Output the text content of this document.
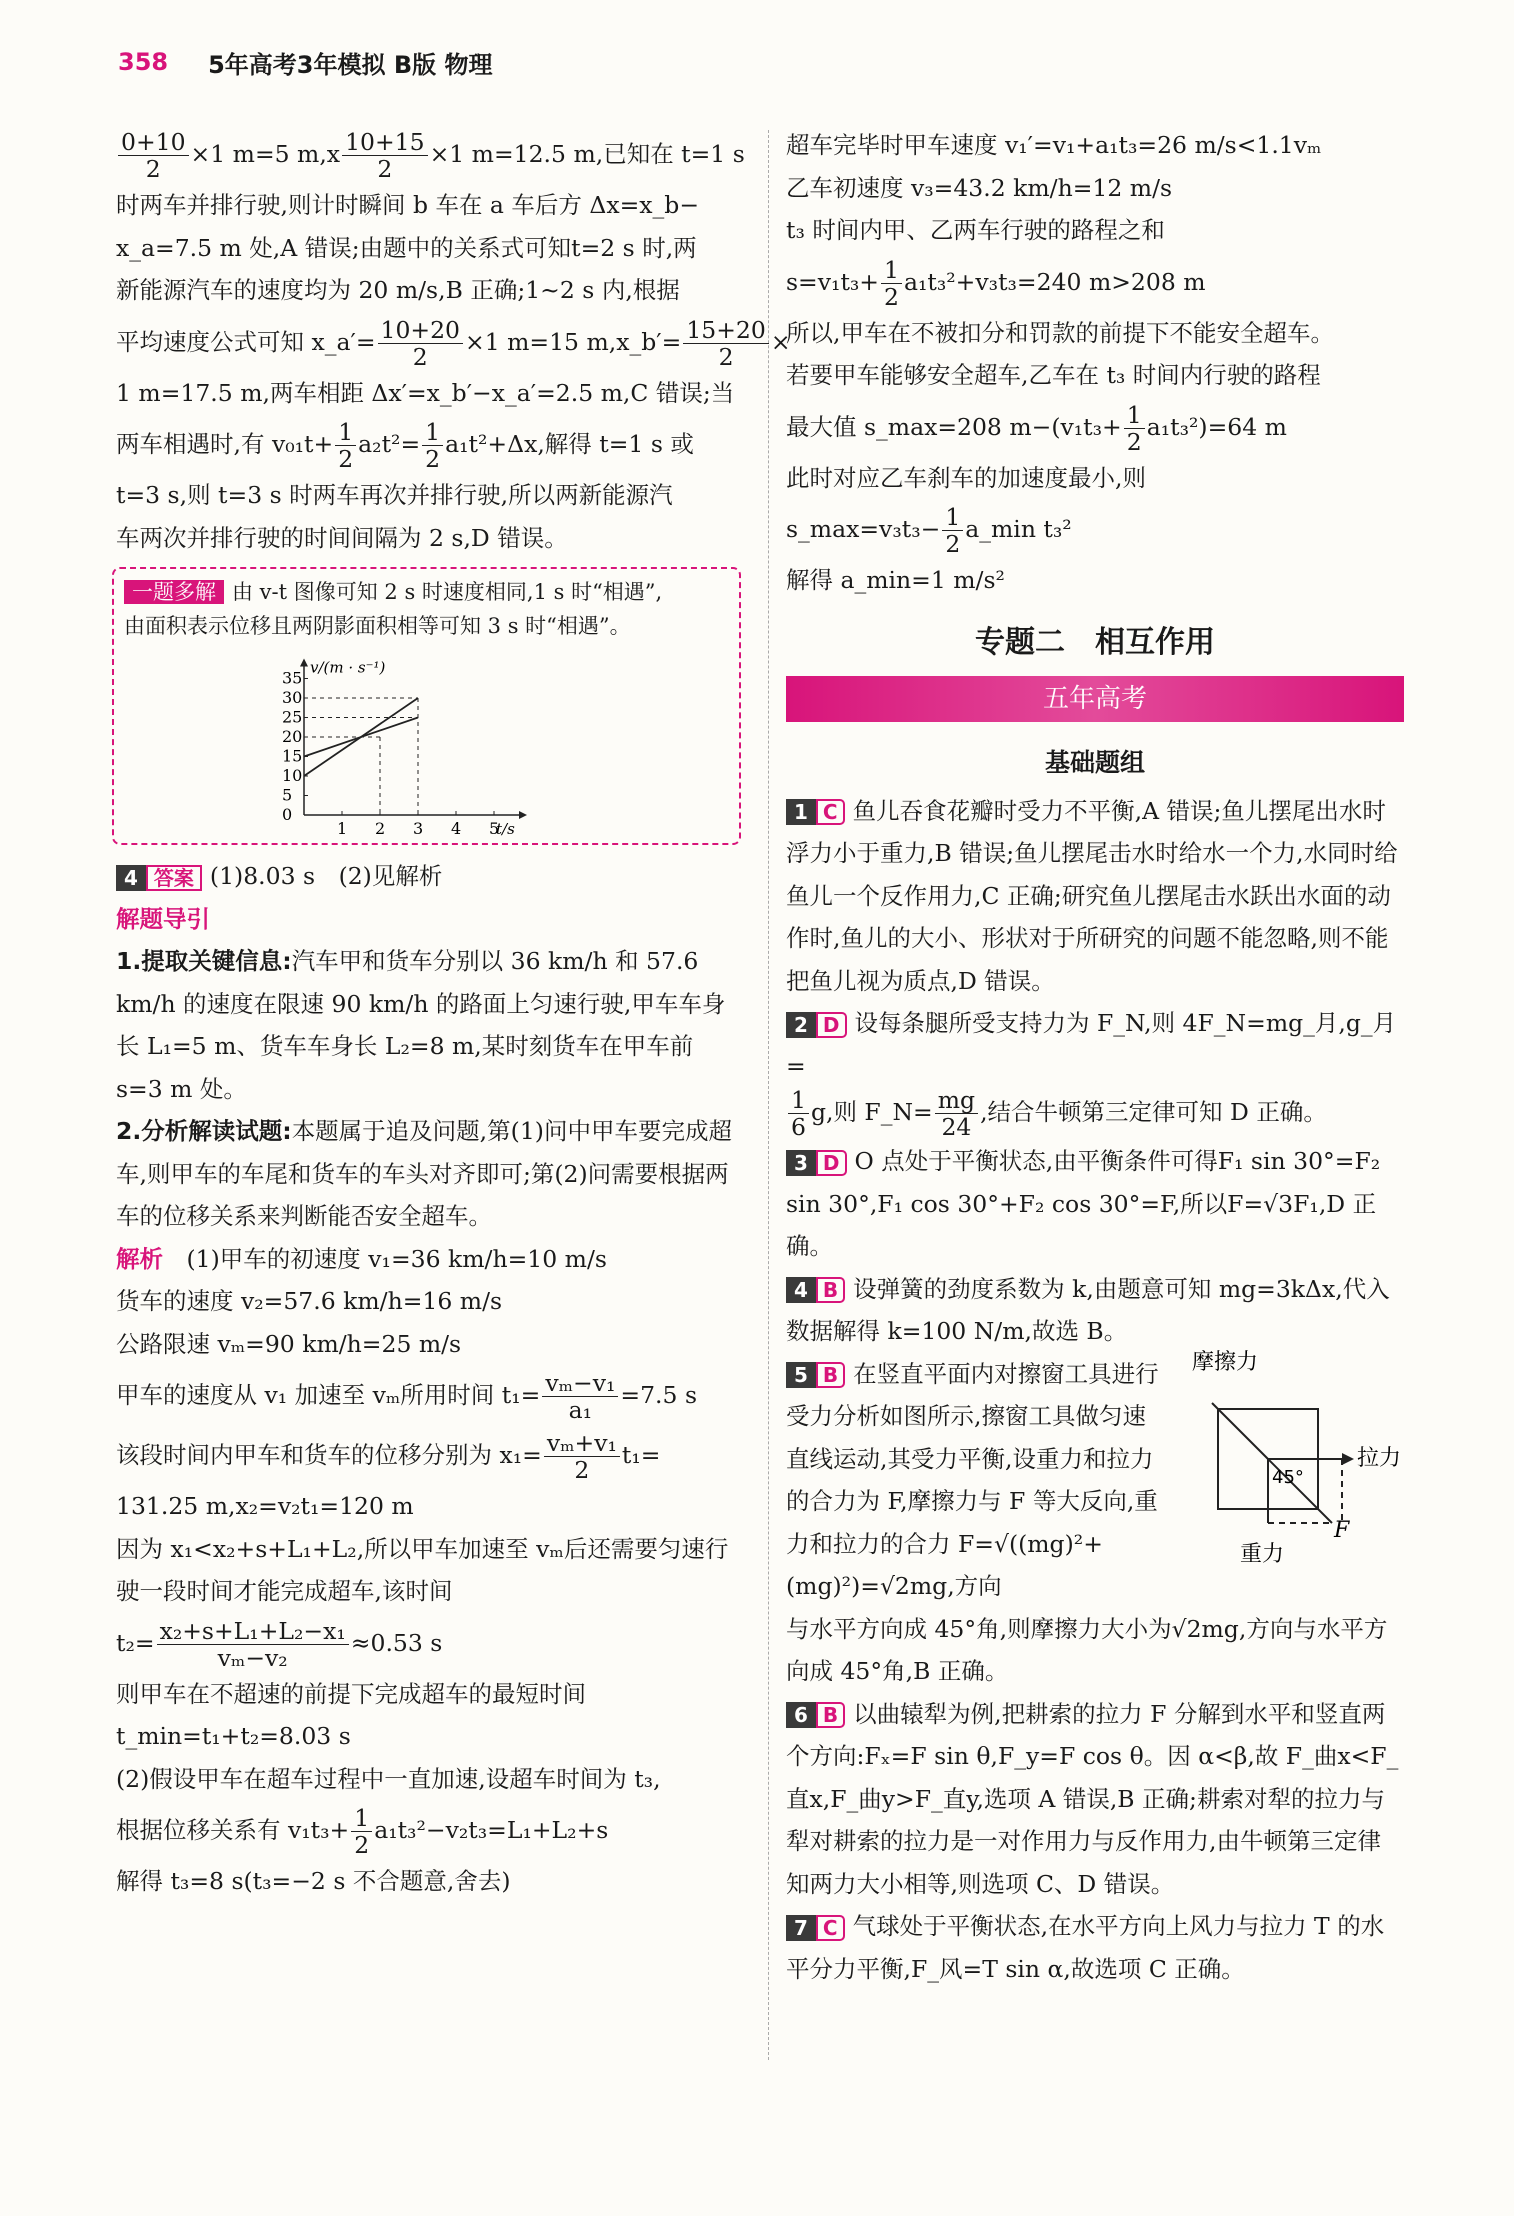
358 5年高考3年模拟 B版 物理
$\frac{0+10}{2} \times 1$ m=5 $m,x \frac{10+15}{2} \times 1$ m=12.5 m,已知在 t=1 s
时两车并排行驶,则计时瞬间 b 车在 a 车后方 Δx=x_b−
x_a=7.5 m 处,A 错误;由题中的关系式可知t=2 s 时,两
新能源汽车的速度均为 20 m/s,B 正确;1~2 s 内,根据
平均速度公式可知 x_a′= $\frac{10+20}{2} \times 1$ m=15 m,x_b′= $\frac{15+20}{2}$ ×
1 m=17.5 m,两车相距 Δx′=x_b′−x_a′=2.5 m,C 错误;当
两车相遇时,有 $v_{01}t+ \frac{1}{2} a_2t^2= \frac{1}{2} a_1t^2+\Delta x$,解得 t=1 s 或
t=3 s,则 t=3 s 时两车再次并排行驶,所以两新能源汽
车两次并排行驶的时间间隔为 2 s,D 错误。
一题多解 由 v-t 图像可知 2 s 时速度相同,1 s 时“相遇”,
由面积表示位移且两阴影面积相等可知 3 s 时“相遇”。
v/(m · s⁻¹)
t/s
1 2 3 4 5
0
5
10
15
20
25
30
35
4 答案 (1)8.03 s　(2)见解析
解题导引
1.提取关键信息:汽车甲和货车分别以 36 km/h 和 57.6 km/h 的速度在限速 90 km/h 的路面上匀速行驶,甲车车身长 L₁=5 m、货车车身长 L₂=8 m,某时刻货车在甲车前 s=3 m 处。
2.分析解读试题:本题属于追及问题,第(1)问中甲车要完成超车,则甲车的车尾和货车的车头对齐即可;第(2)问需要根据两车的位移关系来判断能否安全超车。
解析　 (1)甲车的初速度 v₁=36 km/h=10 m/s
货车的速度 v₂=57.6 km/h=16 m/s
公路限速 vₘ=90 km/h=25 m/s
甲车的速度从 v₁ 加速至 vₘ所用时间 $t_1= \frac{\text{vₘ−v₁}}{\text{a₁}} =7.5$ s
该段时间内甲车和货车的位移分别为 $x_1= \frac{\text{vₘ+v₁}}{2} t_1=$
131.25 m,x₂=v₂t₁=120 m
因为 x₁<x₂+s+L₁+L₂,所以甲车加速至 vₘ后还需要匀速行驶一段时间才能完成超车,该时间
$t_2= \frac{\text{x₂+s+L₁+L₂−x₁}}{\text{vₘ−v₂}} \approx 0.53$ s
则甲车在不超速的前提下完成超车的最短时间
t_min=t₁+t₂=8.03 s
(2)假设甲车在超车过程中一直加速,设超车时间为 t₃,
根据位移关系有 $v_1t_3+ \frac{1}{2} a_1t_3^2-v_2t_3=L_1+L_2+s$
解得 t₃=8 s(t₃=−2 s 不合题意,舍去)
超车完毕时甲车速度 v₁′=v₁+a₁t₃=26 m/s<1.1vₘ
乙车初速度 v₃=43.2 km/h=12 m/s
t₃ 时间内甲、乙两车行驶的路程之和
$s=v_1t_3+ \frac{1}{2} a_1t_3^2+v_3t_3=240$ m>208 m
所以,甲车在不被扣分和罚款的前提下不能安全超车。
若要甲车能够安全超车,乙车在 t₃ 时间内行驶的路程
最大值 s_max=208 $m-(v_1t_3+ \frac{1}{2} a_1t_3^2)=64$ m
此时对应乙车刹车的加速度最小,则
s_max=v₃t₃− $\frac{1}{2}$ a_min t₃²
解得 a_min=1 m/s²
专题二　相互作用
五年高考
基础题组
1 C 鱼儿吞食花瓣时受力不平衡,A 错误;鱼儿摆尾出水时浮力小于重力,B 错误;鱼儿摆尾击水时给水一个力,水同时给鱼儿一个反作用力,C 正确;研究鱼儿摆尾击水跃出水面的动作时,鱼儿的大小、形状对于所研究的问题不能忽略,则不能把鱼儿视为质点,D 错误。
2 D 设每条腿所受支持力为 F_N,则 4F_N=mg_月,g_月=

$\frac{1}{6} g$,则 F_N= $\frac{mg}{24}$ ,结合牛顿第三定律可知 D 正确。
3 D O 点处于平衡状态,由平衡条件可得F₁ sin 30°=F₂ sin 30°,F₁ cos 30°+F₂ cos 30°=F,所以F=√3F₁,D 正确。
4 B 设弹簧的劲度系数为 k,由题意可知 mg=3kΔx,代入数据解得 k=100 N/m,故选 B。
5 B 在竖直平面内对擦窗工具进行受力分析如图所示,擦窗工具做匀速直线运动,其受力平衡,设重力和拉力的合力为 F,摩擦力与 F 等大反向,重力和拉力的合力 F=√((mg)²+(mg)²)=√2mg,方向
摩擦力
45°
拉力
F
重力
与水平方向成 45°角,则摩擦力大小为√2mg,方向与水平方向成 45°角,B 正确。
6 B 以曲辕犁为例,把耕索的拉力 F 分解到水平和竖直两个方向:Fₓ=F sin θ,F_y=F cos θ。因 α<β,故 F_曲x<F_直x,F_曲y>F_直y,选项 A 错误,B 正确;耕索对犁的拉力与犁对耕索的拉力是一对作用力与反作用力,由牛顿第三定律知两力大小相等,则选项 C、D 错误。
7 C 气球处于平衡状态,在水平方向上风力与拉力 T 的水平分力平衡,F_风=T sin α,故选项 C 正确。
